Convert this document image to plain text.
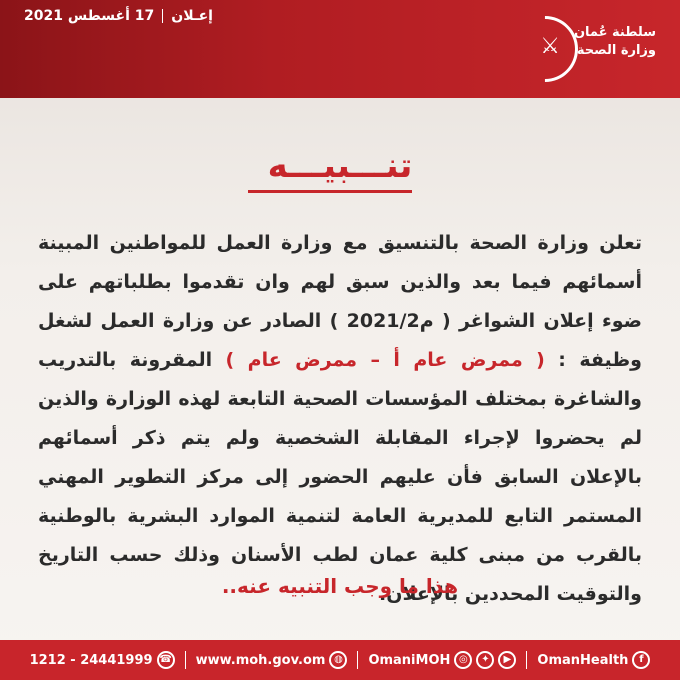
إعـلان17 أغسطس 2021
⚔
سلطنة عُمان
وزارة الصحة
تنـــبيـــه
تعلن وزارة الصحة بالتنسيق مع وزارة العمل للمواطنين المبينة أسمائهم فيما بعد والذين سبق لهم وان تقدموا بطلباتهم على ضوء إعلان الشواغر ( م2021/2 ) الصادر عن وزارة العمل لشغل وظيفة : ( ممرض عام أ – ممرض عام ) المقرونة بالتدريب والشاغرة بمختلف المؤسسات الصحية التابعة لهذه الوزارة والذين لم يحضروا لإجراء المقابلة الشخصية ولم يتم ذكر أسمائهم بالإعلان السابق فأن عليهم الحضور إلى مركز التطوير المهني المستمر التابع للمديرية العامة لتنمية الموارد البشرية بالوطنية بالقرب من مبنى كلية عمان لطب الأسنان وذلك حسب التاريخ والتوقيت المحددين بالإعلان.
هذا ما وجب التنبيه عنه..
1212 - 24441999 ☎ www.moh.gov.om ◍	OmaniMOH ◎	✦	▶	OmanHealth	f
